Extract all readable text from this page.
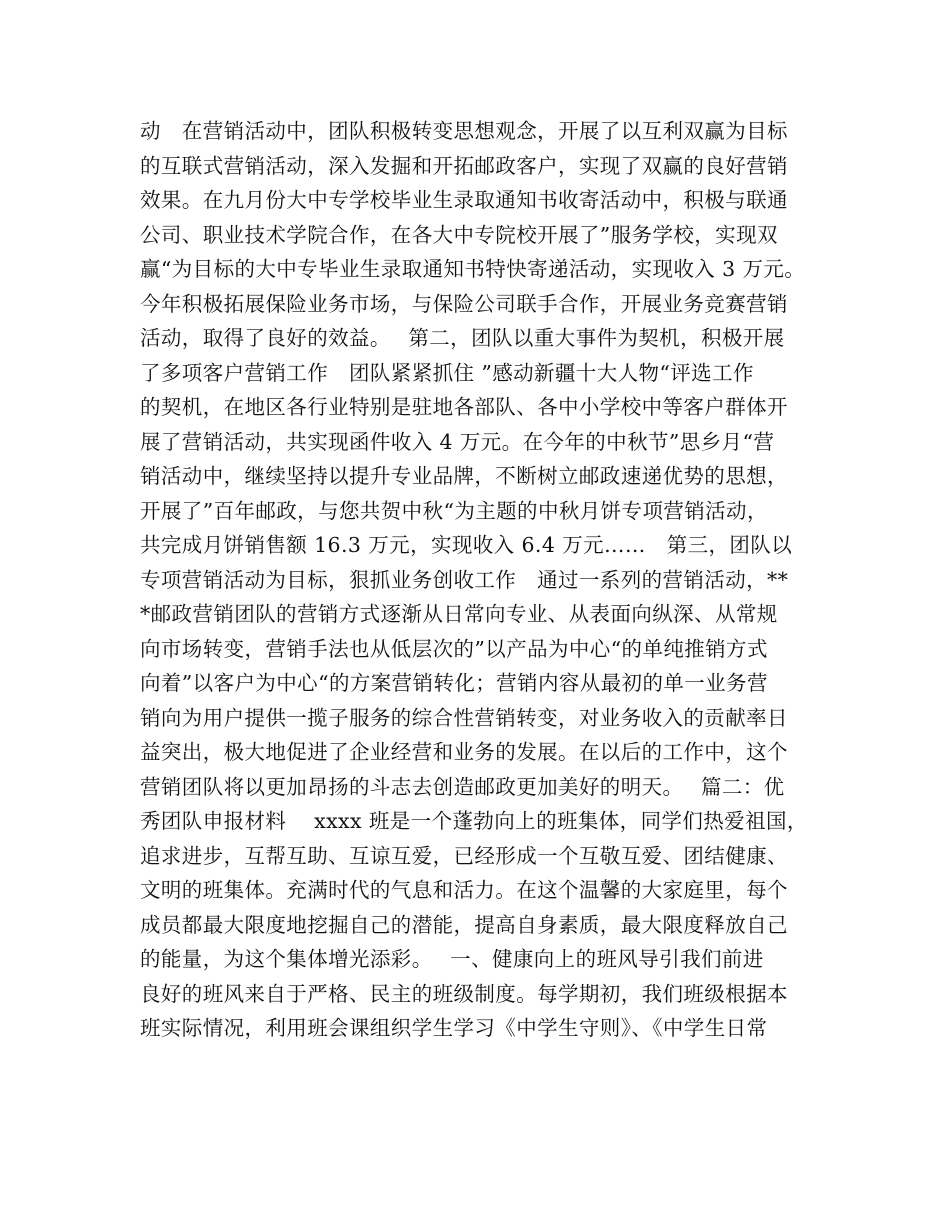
动　在营销活动中，团队积极转变思想观念，开展了以互利双赢为目标
的互联式营销活动，深入发掘和开拓邮政客户，实现了双赢的良好营销
效果。在九月份大中专学校毕业生录取通知书收寄活动中，积极与联通
公司、职业技术学院合作，在各大中专院校开展了”服务学校，实现双
赢“为目标的大中专毕业生录取通知书特快寄递活动，实现收入 3 万元。
今年积极拓展保险业务市场，与保险公司联手合作，开展业务竞赛营销
活动，取得了良好的效益。　 第二，团队以重大事件为契机，积极开展
了多项客户营销工作　团队紧紧抓住 ”感动新疆十大人物“评选工作
的契机，在地区各行业特别是驻地各部队、各中小学校中等客户群体开
展了营销活动，共实现函件收入 4 万元。在今年的中秋节”思乡月“营
销活动中，继续坚持以提升专业品牌，不断树立邮政速递优势的思想，
开展了”百年邮政，与您共贺中秋“为主题的中秋月饼专项营销活动，
共完成月饼销售额 16.3 万元，实现收入 6.4 万元……　第三，团队以
专项营销活动为目标，狠抓业务创收工作　通过一系列的营销活动，**
*邮政营销团队的营销方式逐渐从日常向专业、从表面向纵深、从常规
向市场转变，营销手法也从低层次的”以产品为中心“的单纯推销方式
向着”以客户为中心“的方案营销转化；营销内容从最初的单一业务营
销向为用户提供一揽子服务的综合性营销转变，对业务收入的贡献率日
益突出，极大地促进了企业经营和业务的发展。在以后的工作中，这个
营销团队将以更加昂扬的斗志去创造邮政更加美好的明天。　 篇二：优
秀团队申报材料　 xxxx 班是一个蓬勃向上的班集体，同学们热爱祖国，
追求进步，互帮互助、互谅互爱，已经形成一个互敬互爱、团结健康、
文明的班集体。充满时代的气息和活力。在这个温馨的大家庭里，每个
成员都最大限度地挖掘自己的潜能，提高自身素质，最大限度释放自己
的能量，为这个集体增光添彩。　 一、健康向上的班风导引我们前进
良好的班风来自于严格、民主的班级制度。每学期初，我们班级根据本
班实际情况，利用班会课组织学生学习《中学生守则》、《中学生日常
